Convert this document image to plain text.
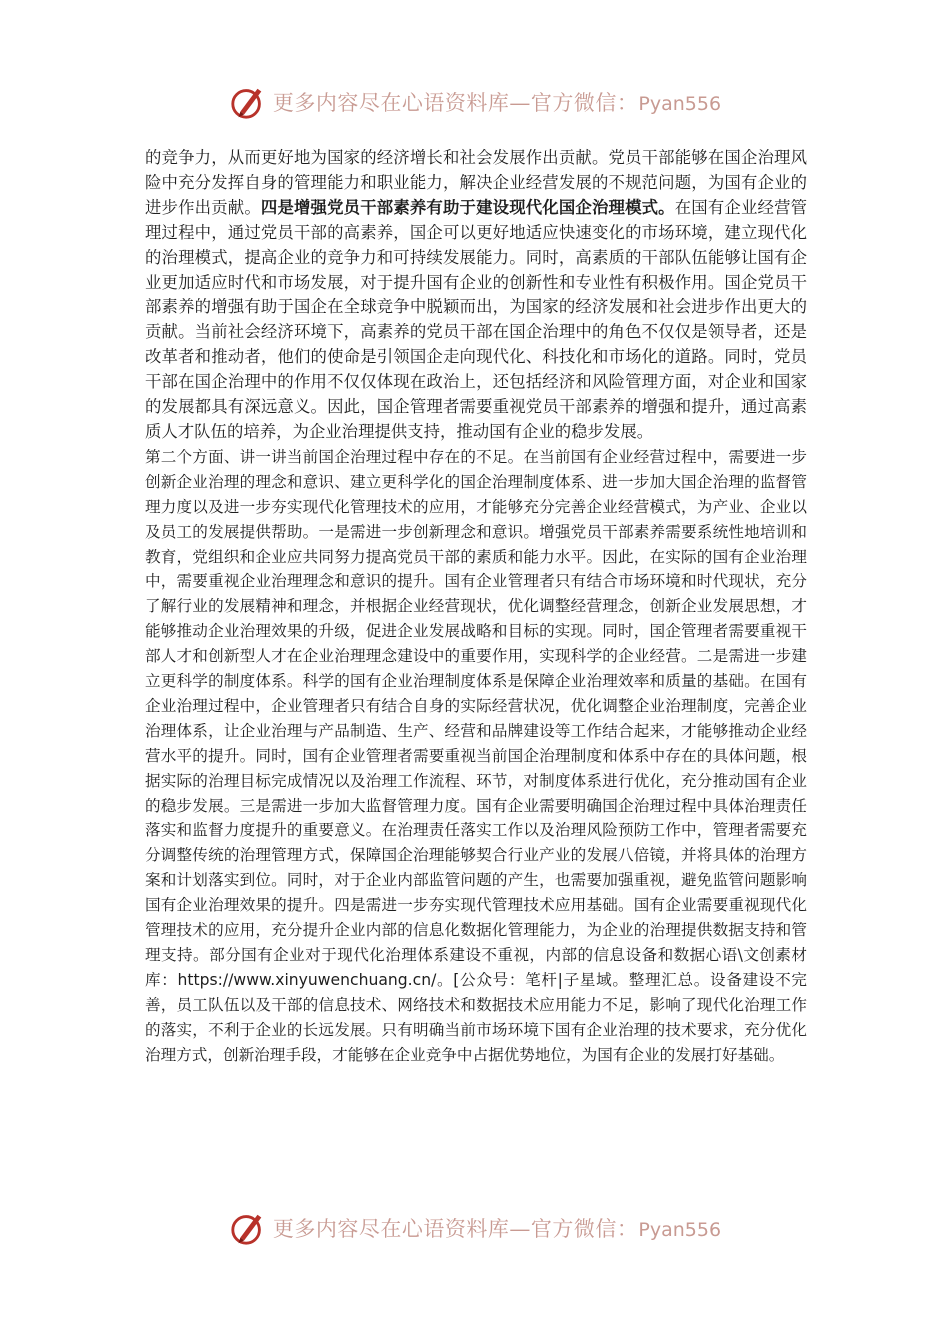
更多内容尽在心语资料库—官方微信：Pyan556

的竞争力，从而更好地为国家的经济增长和社会发展作出贡献。党员干部能够在国企治理风险中充分发挥自身的管理能力和职业能力，解决企业经营发展的不规范问题，为国有企业的进步作出贡献。四是增强党员干部素养有助于建设现代化国企治理模式。在国有企业经营管理过程中，通过党员干部的高素养，国企可以更好地适应快速变化的市场环境，建立现代化的治理模式，提高企业的竞争力和可持续发展能力。同时，高素质的干部队伍能够让国有企业更加适应时代和市场发展，对于提升国有企业的创新性和专业性有积极作用。国企党员干部素养的增强有助于国企在全球竞争中脱颖而出，为国家的经济发展和社会进步作出更大的贡献。当前社会经济环境下，高素养的党员干部在国企治理中的角色不仅仅是领导者，还是改革者和推动者，他们的使命是引领国企走向现代化、科技化和市场化的道路。同时，党员干部在国企治理中的作用不仅仅体现在政治上，还包括经济和风险管理方面，对企业和国家的发展都具有深远意义。因此，国企管理者需要重视党员干部素养的增强和提升，通过高素质人才队伍的培养，为企业治理提供支持，推动国有企业的稳步发展。

第二个方面、讲一讲当前国企治理过程中存在的不足。在当前国有企业经营过程中，需要进一步创新企业治理的理念和意识、建立更科学化的国企治理制度体系、进一步加大国企治理的监督管理力度以及进一步夯实现代化管理技术的应用，才能够充分完善企业经营模式，为产业、企业以及员工的发展提供帮助。一是需进一步创新理念和意识。增强党员干部素养需要系统性地培训和教育，党组织和企业应共同努力提高党员干部的素质和能力水平。因此，在实际的国有企业治理中，需要重视企业治理理念和意识的提升。国有企业管理者只有结合市场环境和时代现状，充分了解行业的发展精神和理念，并根据企业经营现状，优化调整经营理念，创新企业发展思想，才能够推动企业治理效果的升级，促进企业发展战略和目标的实现。同时，国企管理者需要重视干部人才和创新型人才在企业治理理念建设中的重要作用，实现科学的企业经营。二是需进一步建立更科学的制度体系。科学的国有企业治理制度体系是保障企业治理效率和质量的基础。在国有企业治理过程中，企业管理者只有结合自身的实际经营状况，优化调整企业治理制度，完善企业治理体系，让企业治理与产品制造、生产、经营和品牌建设等工作结合起来，才能够推动企业经营水平的提升。同时，国有企业管理者需要重视当前国企治理制度和体系中存在的具体问题，根据实际的治理目标完成情况以及治理工作流程、环节，对制度体系进行优化，充分推动国有企业的稳步发展。三是需进一步加大监督管理力度。国有企业需要明确国企治理过程中具体治理责任落实和监督力度提升的重要意义。在治理责任落实工作以及治理风险预防工作中，管理者需要充分调整传统的治理管理方式，保障国企治理能够契合行业产业的发展八倍镜，并将具体的治理方案和计划落实到位。同时，对于企业内部监管问题的产生，也需要加强重视，避免监管问题影响国有企业治理效果的提升。四是需进一步夯实现代管理技术应用基础。国有企业需要重视现代化管理技术的应用，充分提升企业内部的信息化数据化管理能力，为企业的治理提供数据支持和管理支持。部分国有企业对于现代化治理体系建设不重视，内部的信息设备和数据心语\文创素材库：https://www.xinyuwenchuang.cn/。[公众号：笔杆|子星域。整理汇总。设备建设不完善，员工队伍以及干部的信息技术、网络技术和数据技术应用能力不足，影响了现代化治理工作的落实，不利于企业的长远发展。只有明确当前市场环境下国有企业治理的技术要求，充分优化治理方式，创新治理手段，才能够在企业竞争中占据优势地位，为国有企业的发展打好基础。

更多内容尽在心语资料库—官方微信：Pyan556
